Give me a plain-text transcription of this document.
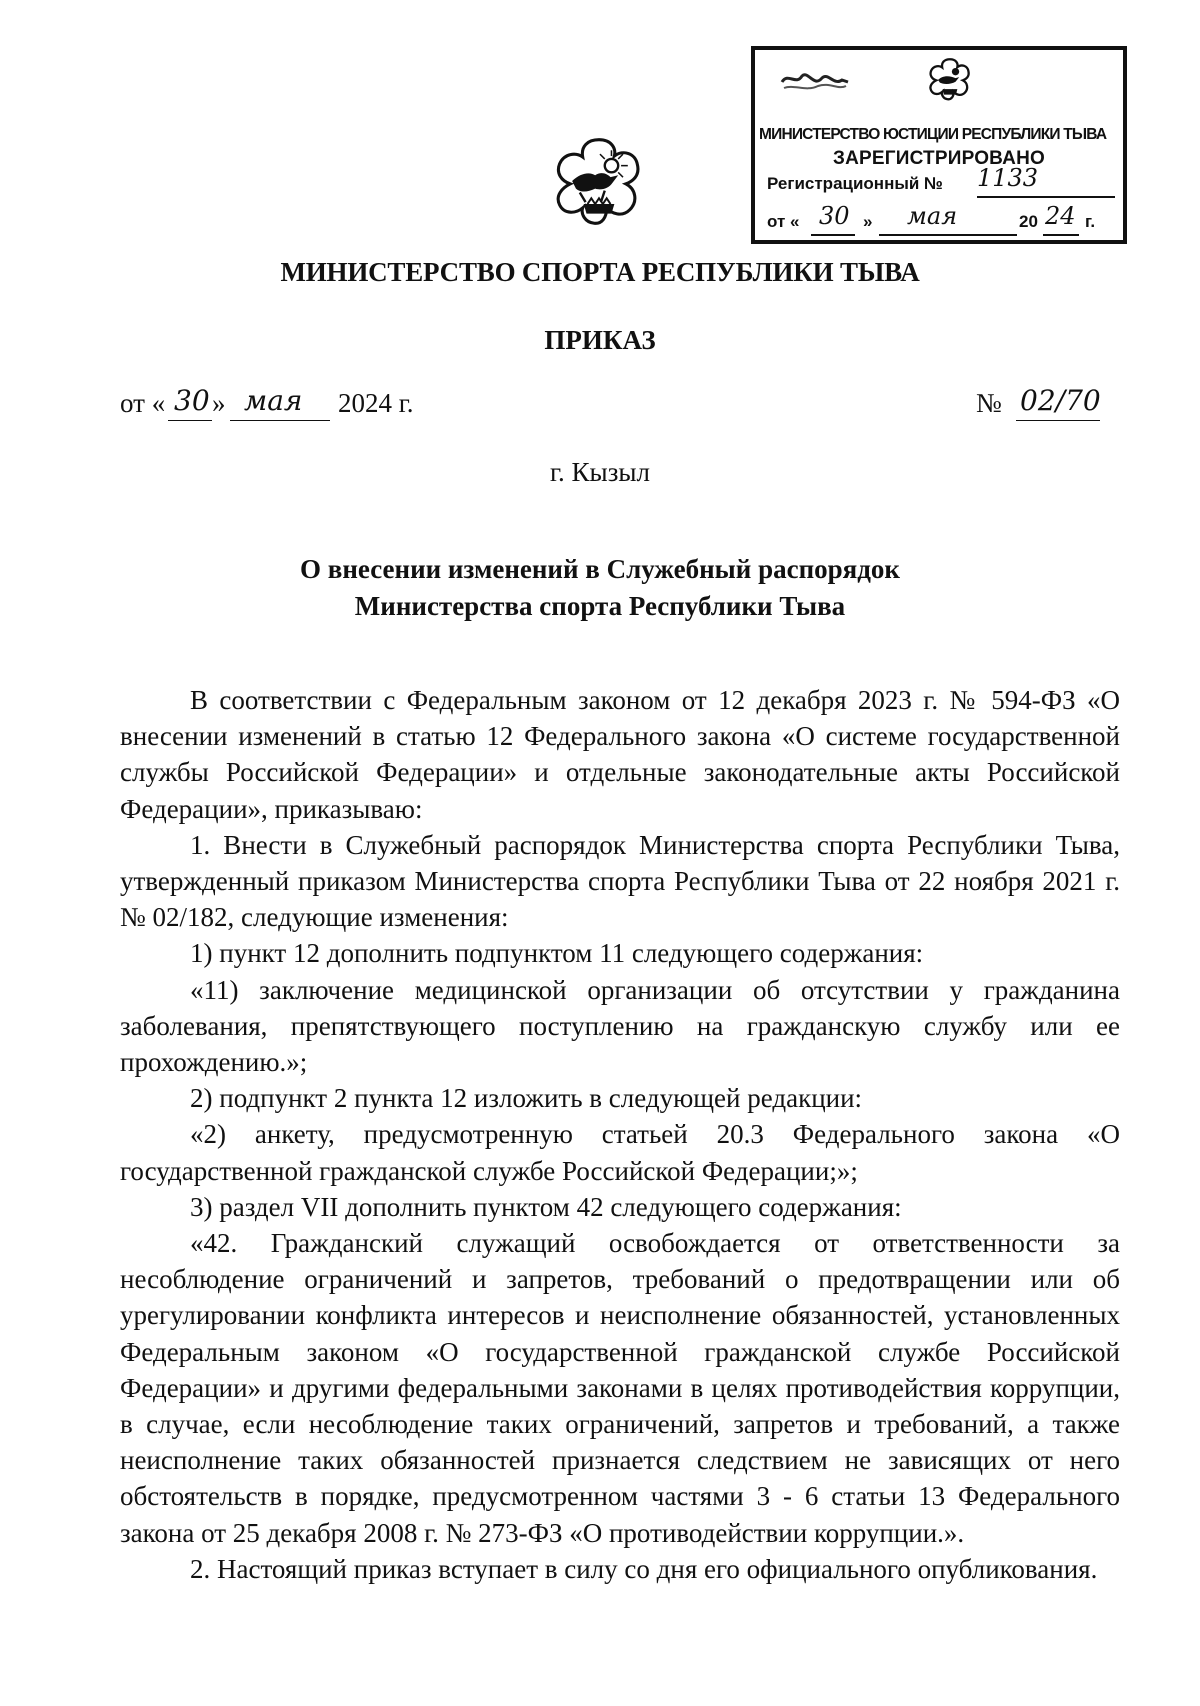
МИНИСТЕРСТВО ЮСТИЦИИ РЕСПУБЛИКИ ТЫВА
ЗАРЕГИСТРИРОВАНО
Регистрационный № 1133
от « 30 » мая	20 24 г.
МИНИСТЕРСТВО СПОРТА РЕСПУБЛИКИ ТЫВА
ПРИКАЗ
от « 30 » мая 2024 г.	№ 02/70
г. Кызыл
О внесении изменений в Служебный распорядок
Министерства спорта Республики Тыва

В соответствии с Федеральным законом от 12 декабря 2023 г. № 594-ФЗ «О внесении изменений в статью 12 Федерального закона «О системе государственной службы Российской Федерации» и отдельные законодательные акты Российской Федерации», приказываю:

1. Внести в Служебный распорядок Министерства спорта Республики Тыва, утвержденный приказом Министерства спорта Республики Тыва от 22 ноября 2021 г. № 02/182, следующие изменения:

1) пункт 12 дополнить подпунктом 11 следующего содержания:

«11) заключение медицинской организации об отсутствии у гражданина заболевания, препятствующего поступлению на гражданскую службу или ее прохождению.»;

2) подпункт 2 пункта 12 изложить в следующей редакции:

«2) анкету, предусмотренную статьей 20.3 Федерального закона «О государственной гражданской службе Российской Федерации;»;

3) раздел VII дополнить пунктом 42 следующего содержания:

«42. Гражданский служащий освобождается от ответственности за несоблюдение ограничений и запретов, требований о предотвращении или об урегулировании конфликта интересов и неисполнение обязанностей, установленных Федеральным законом «О государственной гражданской службе Российской Федерации» и другими федеральными законами в целях противодействия коррупции, в случае, если несоблюдение таких ограничений, запретов и требований, а также неисполнение таких обязанностей признается следствием не зависящих от него обстоятельств в порядке, предусмотренном частями 3 - 6 статьи 13 Федерального закона от 25 декабря 2008 г. № 273-ФЗ «О противодействии коррупции.».

2. Настоящий приказ вступает в силу со дня его официального опубликования.
